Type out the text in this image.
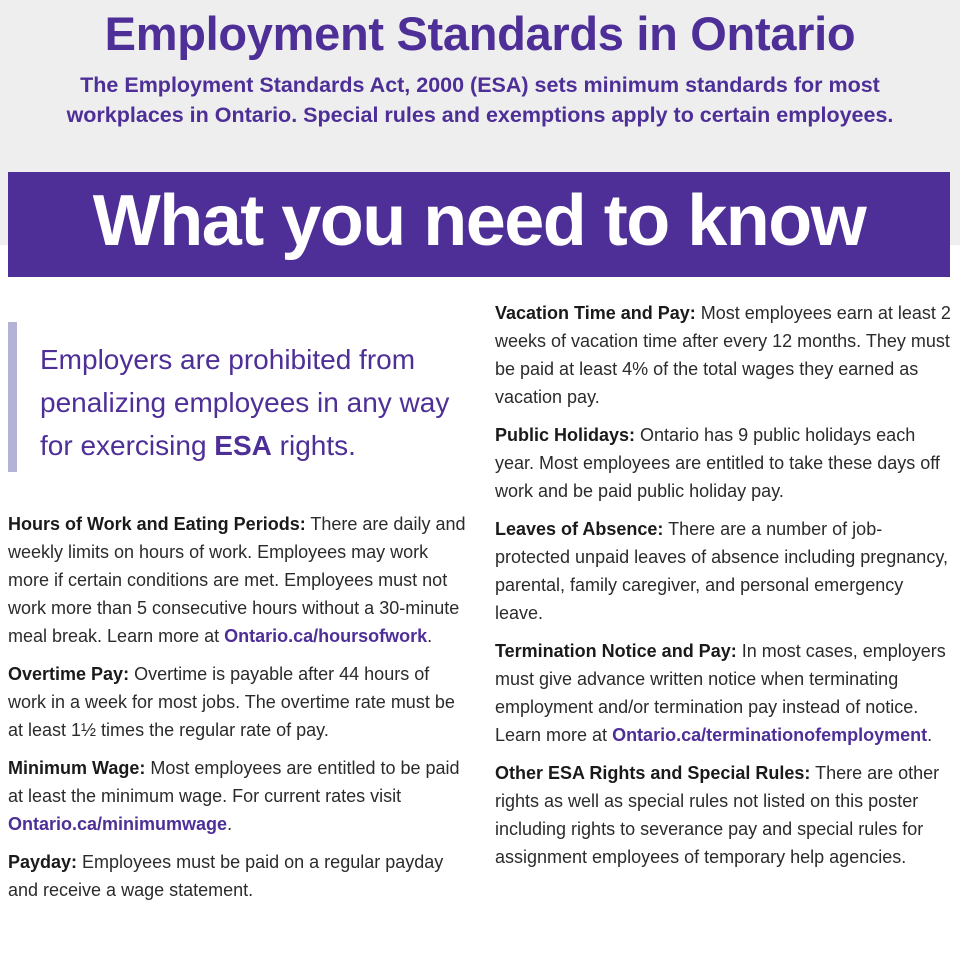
Employment Standards in Ontario
The Employment Standards Act, 2000 (ESA) sets minimum standards for most
workplaces in Ontario. Special rules and exemptions apply to certain employees.
What you need to know
Employers are prohibited from penalizing employees in any way for exercising ESA rights.

Hours of Work and Eating Periods: There are daily and weekly limits on hours of work. Employees may work more if certain conditions are met. Employees must not work more than 5 consecutive hours without a 30-minute meal break. Learn more at Ontario.ca/hoursofwork.

Overtime Pay: Overtime is payable after 44 hours of work in a week for most jobs. The overtime rate must be at least 1½ times the regular rate of pay.

Minimum Wage: Most employees are entitled to be paid at least the minimum wage. For current rates visit Ontario.ca/minimumwage.

Payday: Employees must be paid on a regular payday and receive a wage statement.

Vacation Time and Pay: Most employees earn at least 2 weeks of vacation time after every 12 months. They must be paid at least 4% of the total wages they earned as vacation pay.

Public Holidays: Ontario has 9 public holidays each year. Most employees are entitled to take these days off work and be paid public holiday pay.

Leaves of Absence: There are a number of job-protected unpaid leaves of absence including pregnancy, parental, family caregiver, and personal emergency leave.

Termination Notice and Pay: In most cases, employers must give advance written notice when terminating employment and/or termination pay instead of notice. Learn more at Ontario.ca/terminationofemployment.

Other ESA Rights and Special Rules: There are other rights as well as special rules not listed on this poster including rights to severance pay and special rules for assignment employees of temporary help agencies.
